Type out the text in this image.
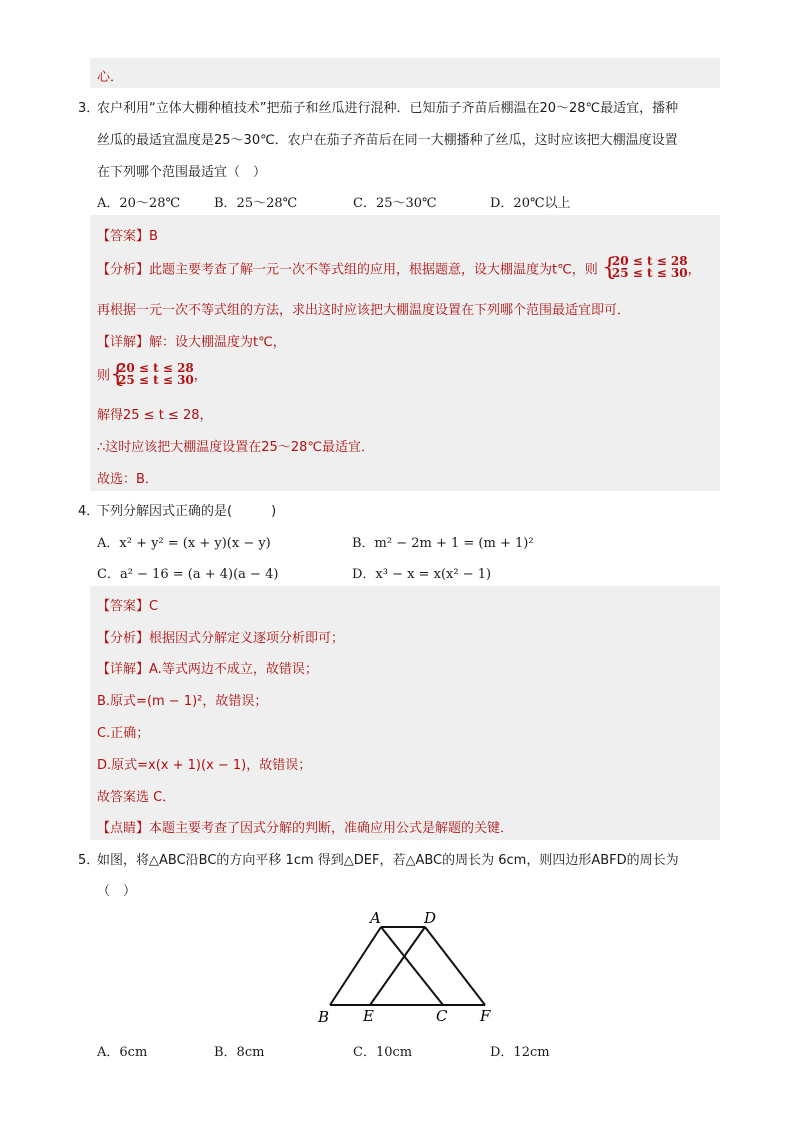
心．
3．
农户利用“立体大棚种植技术”把茄子和丝瓜进行混种．已知茄子齐苗后棚温在20～28℃最适宜，播种
丝瓜的最适宜温度是25～30℃．农户在茄子齐苗后在同一大棚播种了丝瓜，这时应该把大棚温度设置
在下列哪个范围最适宜（　）
A．20～28℃	B．25～28℃	C．25～30℃	D．20℃以上
【答案】B
【分析】此题主要考查了解一元一次不等式组的应用，根据题意，设大棚温度为t℃，则 {
20 ≤ t ≤ 28
25 ≤ t ≤ 30 ，
再根据一元一次不等式组的方法，求出这时应该把大棚温度设置在下列哪个范围最适宜即可．
【详解】解：设大棚温度为t℃，
则 {
20 ≤ t ≤ 28
25 ≤ t ≤ 30 ，
解得25 ≤ t ≤ 28，
∴这时应该把大棚温度设置在25～28℃最适宜．
故选：B．
4．
下列分解因式正确的是(　　　)
A．x² + y² = (x + y)(x − y)	B．m² − 2m + 1 = (m + 1)²
C．a² − 16 = (a + 4)(a − 4)	D．x³ − x = x(x² − 1)
【答案】C
【分析】根据因式分解定义逐项分析即可；
【详解】A.等式两边不成立，故错误；
B.原式=(m − 1)²，故错误；
C.正确；
D.原式=x(x + 1)(x − 1)，故错误；
故答案选 C．
【点睛】本题主要考查了因式分解的判断，准确应用公式是解题的关键．
5．
如图，将△ABC沿BC的方向平移 1cm 得到△DEF，若△ABC的周长为 6cm，则四边形ABFD的周长为
（　）
A	D
B E	C F
A．6cm	B．8cm	C．10cm	D．12cm
